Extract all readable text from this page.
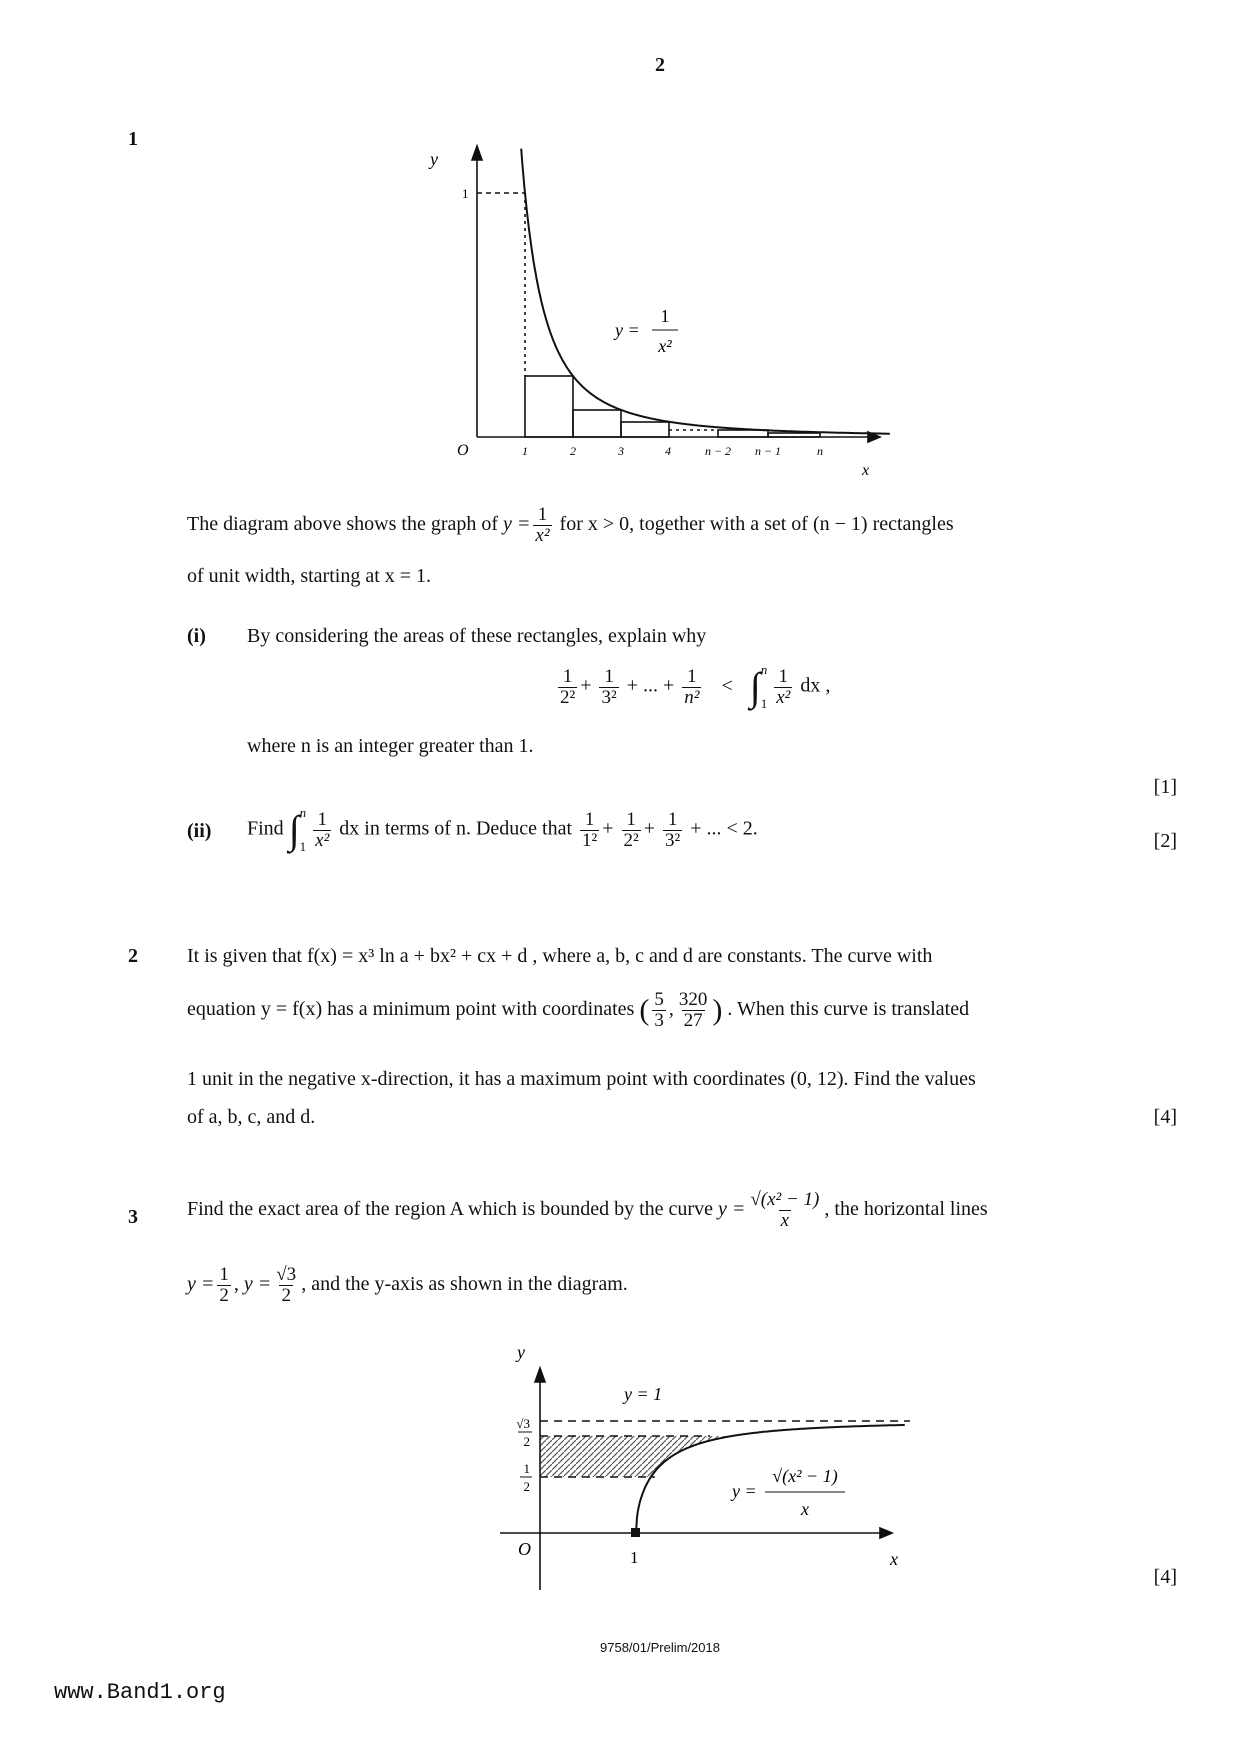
2
1
y
1
O	1	2	3	4	n − 2 n − 1	n
x
y =
1
x²
The diagram above shows the graph of $y = \frac{1}{\text{x²}}$ for x > 0, together with a set of (n − 1) rectangles
of unit width, starting at x = 1.
(i) By considering the areas of these rectangles, explain why
$\frac{1}{\text{2²}} + \frac{1}{\text{3²}}$ + ... + $\frac{1}{\text{n²}}$ < ∫ n
$1 \frac{1}{\text{x²}}$ dx ,
where n is an integer greater than 1.
[1]
(ii) Find ∫ n
$1 \frac{1}{\text{x²}}$ dx in terms of n. Deduce that $\frac{1}{\text{1²}} + \frac{1}{\text{2²}} + \frac{1}{\text{3²}}$ + ... < 2.
[2]
2 It is given that f(x) = x³ ln a + bx² + cx + d , where a, b, c and d are constants. The curve with
equation y = f(x) has a minimum point with coordinates ( $\frac{5}{3}$ , $\frac{320}{27}$ ) . When this curve is translated
1 unit in the negative x-direction, it has a maximum point with coordinates (0, 12). Find the values
of a, b, c, and d.	[4]
3 Find the exact area of the region A which is bounded by the curve $y = \frac{\text{√(x² − 1)}}{x}$ , the horizontal lines
$y = \frac{1}{2}$ , $y = \frac{√3}{2}$ , and the y-axis as shown in the diagram.
y
y = 1
√3
2
1
2
O	1	x
y =
√(x² − 1)
x
[4]
9758/01/Prelim/2018
www.Band1.org
